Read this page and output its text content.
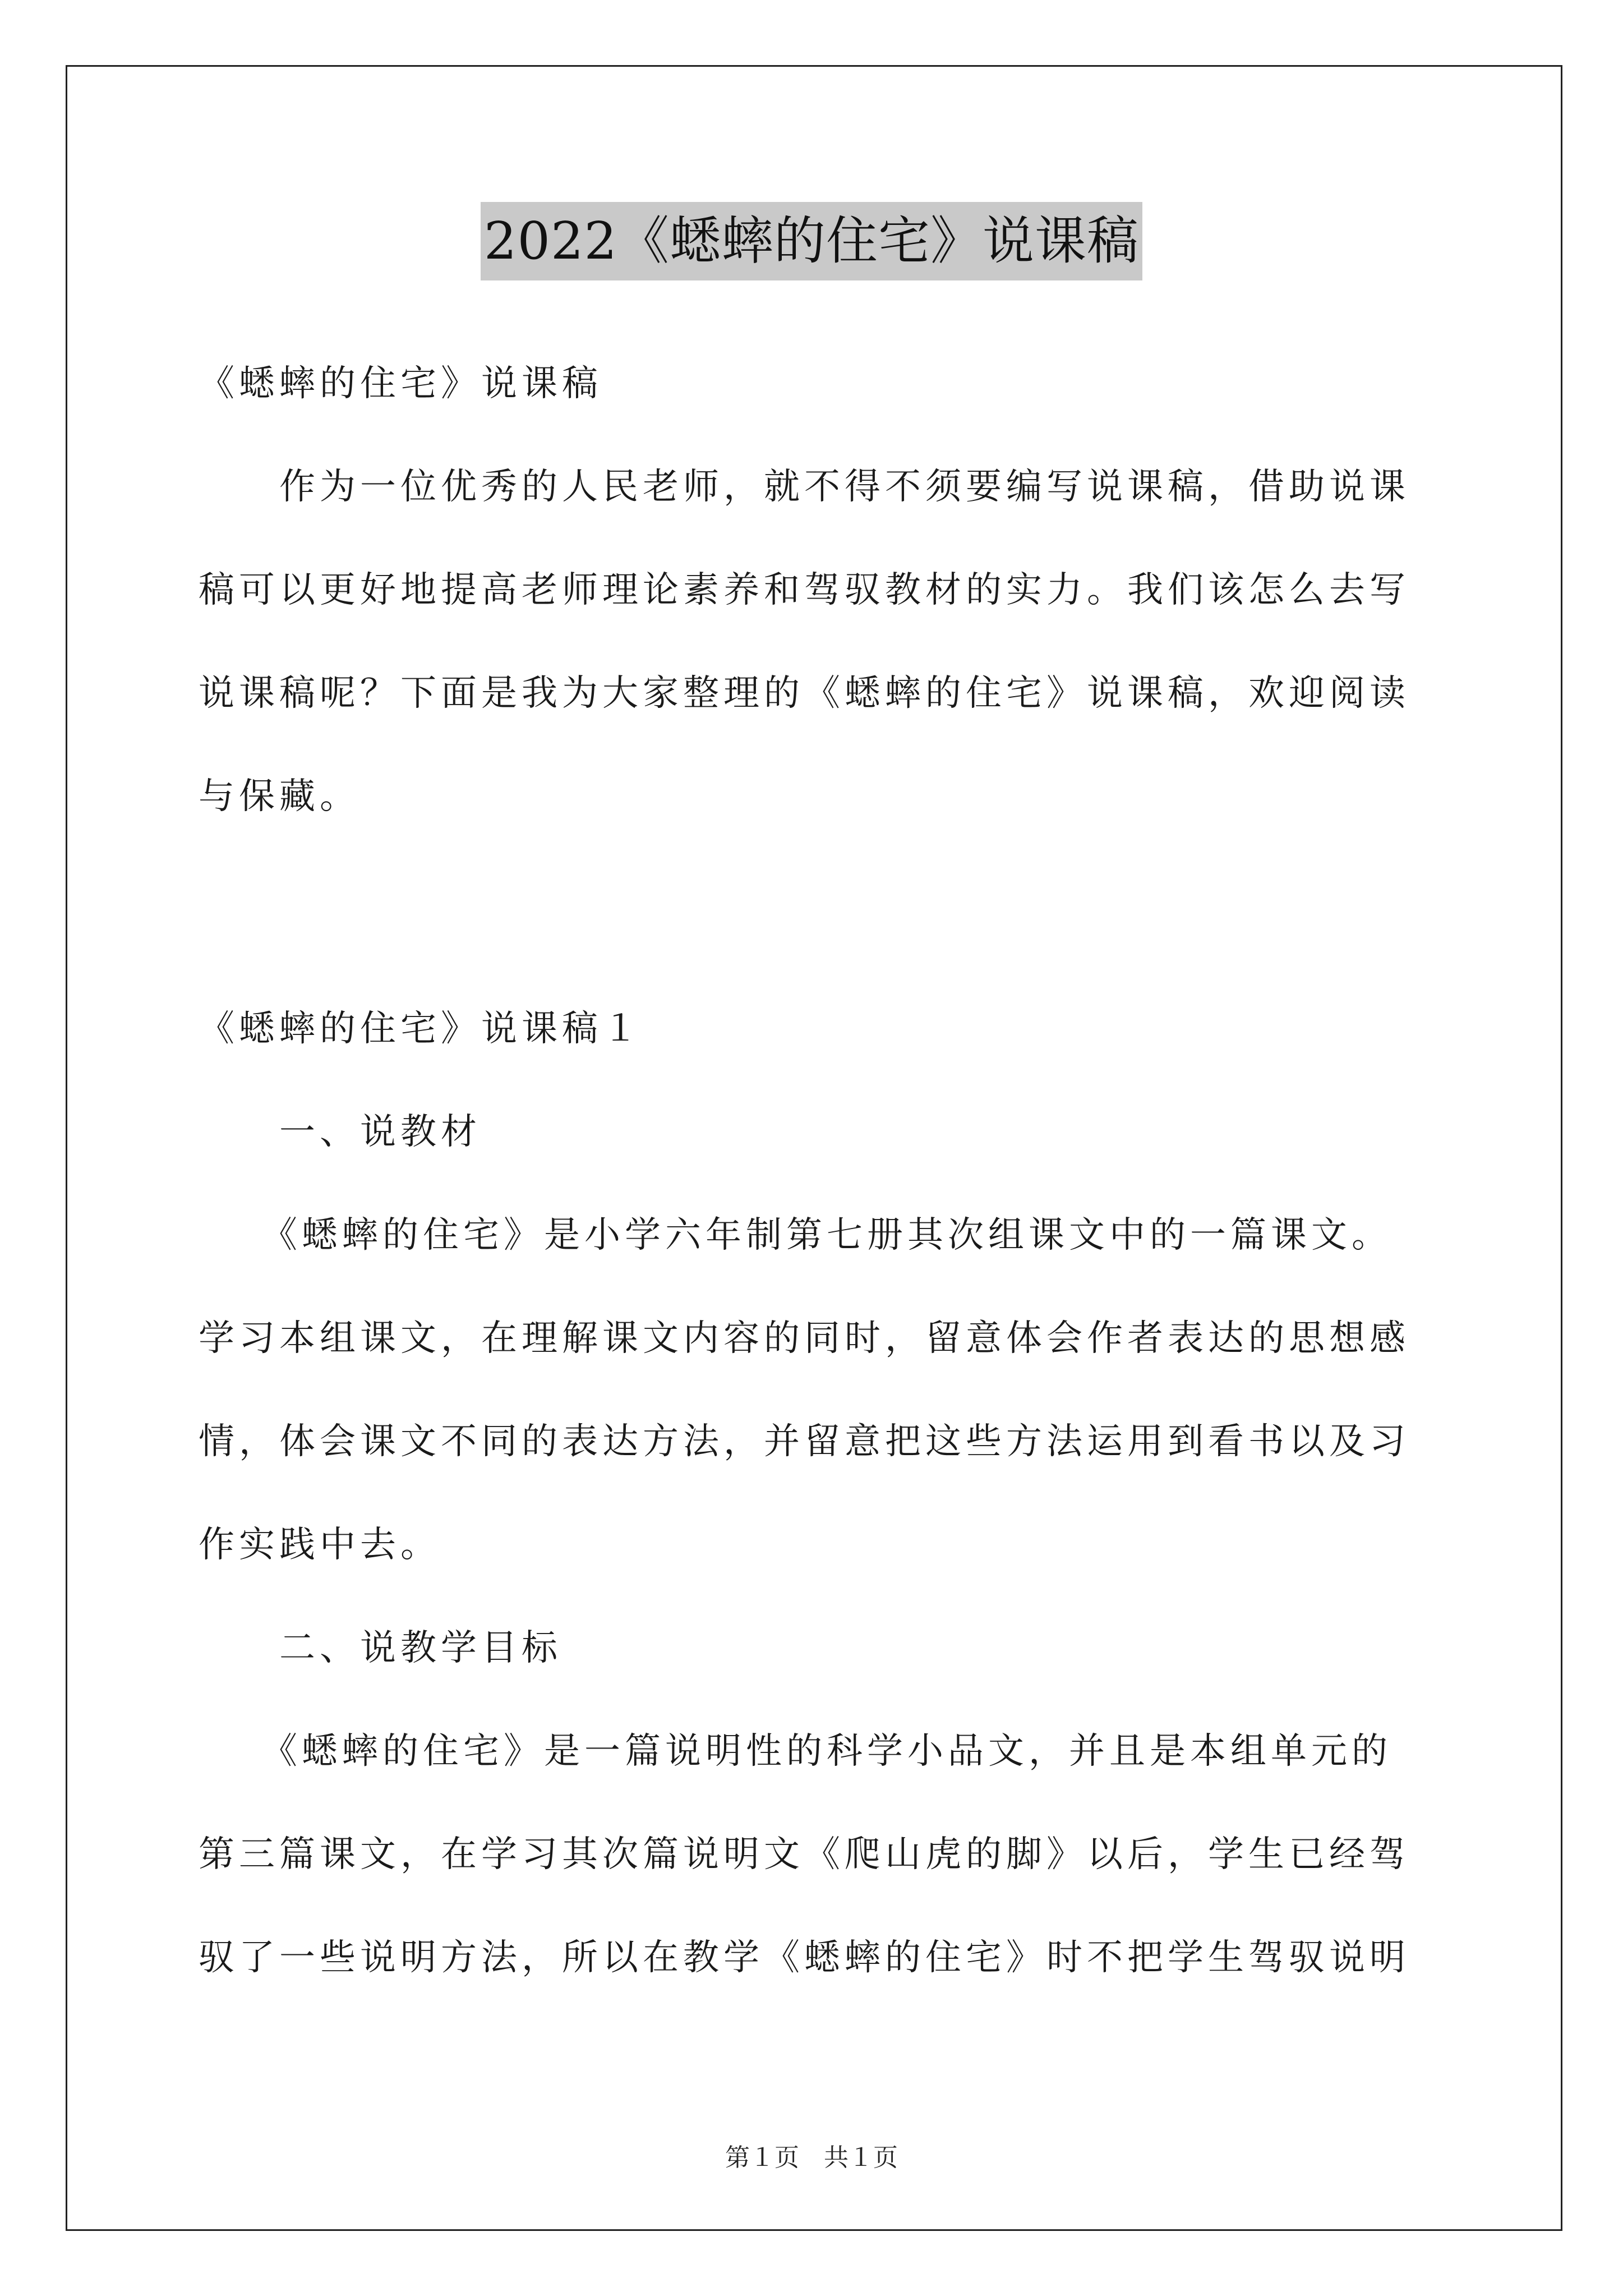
2022《蟋蟀的住宅》说课稿
《蟋蟀的住宅》说课稿
　　作为一位优秀的人民老师，就不得不须要编写说课稿，借助说课
稿可以更好地提高老师理论素养和驾驭教材的实力。我们该怎么去写
说课稿呢？下面是我为大家整理的《蟋蟀的住宅》说课稿，欢迎阅读
与保藏。
《蟋蟀的住宅》说课稿１
　　一、说教材
　　《蟋蟀的住宅》是小学六年制第七册其次组课文中的一篇课文。
学习本组课文，在理解课文内容的同时，留意体会作者表达的思想感
情，体会课文不同的表达方法，并留意把这些方法运用到看书以及习
作实践中去。
　　二、说教学目标
　　《蟋蟀的住宅》是一篇说明性的科学小品文，并且是本组单元的
第三篇课文，在学习其次篇说明文《爬山虎的脚》以后，学生已经驾
驭了一些说明方法，所以在教学《蟋蟀的住宅》时不把学生驾驭说明
第１页　共１页
